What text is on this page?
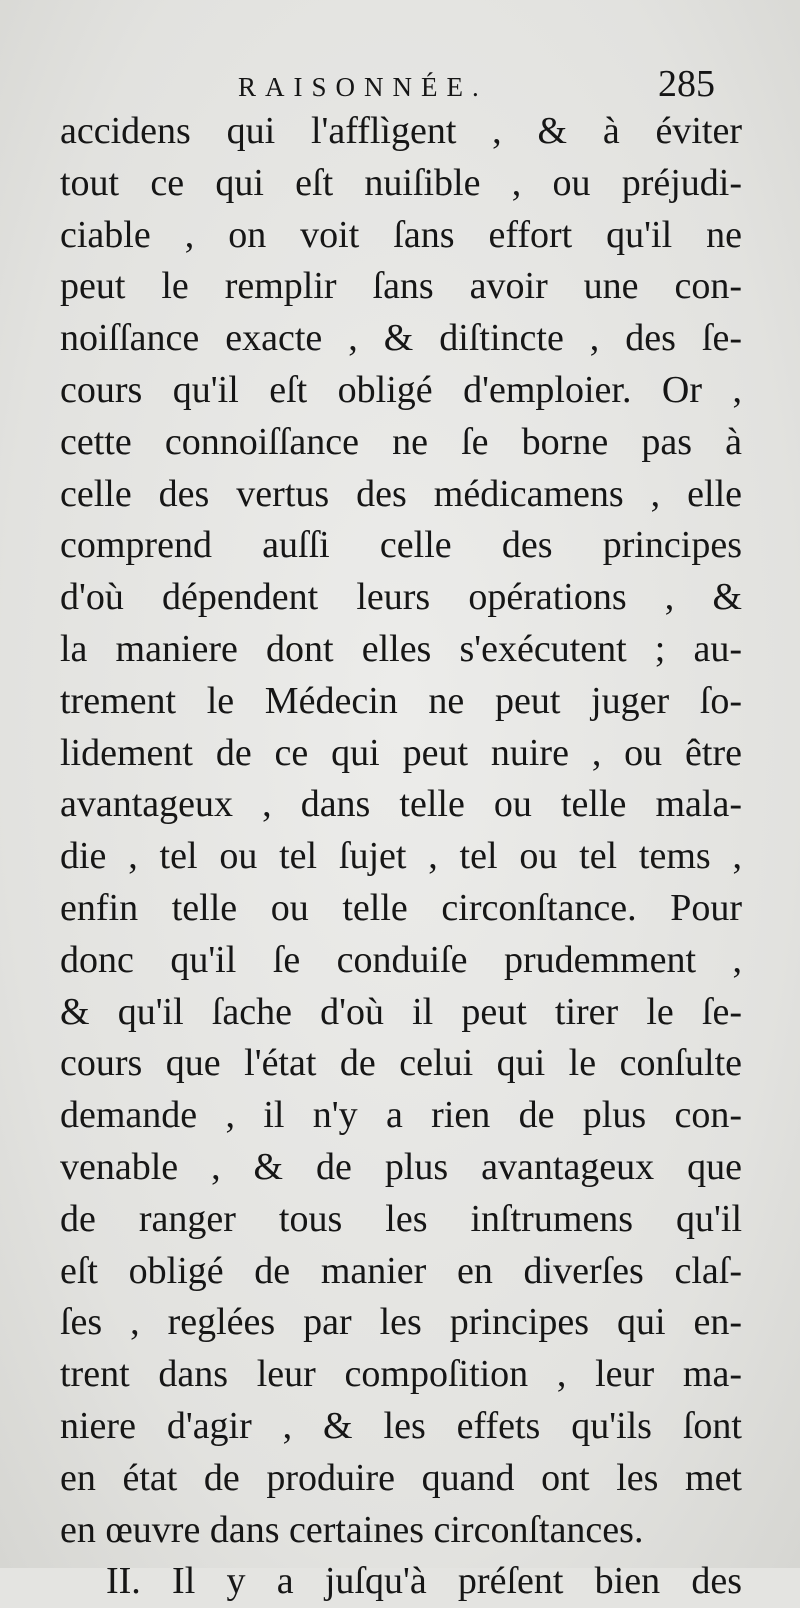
RAISONNÉE.	285
accidens qui l'afflìgent , & à éviter
tout ce qui eſt nuiſible , ou préjudi-
ciable , on voit ſans effort qu'il ne
peut le remplir ſans avoir une con-
noiſſance exacte , & diſtincte , des ſe-
cours qu'il eſt obligé d'emploier. Or ,
cette connoiſſance ne ſe borne pas à
celle des vertus des médicamens , elle
comprend auſſi celle des principes
d'où dépendent leurs opérations , &
la maniere dont elles s'exécutent ; au-
trement le Médecin ne peut juger ſo-
lidement de ce qui peut nuire , ou être
avantageux , dans telle ou telle mala-
die , tel ou tel ſujet , tel ou tel tems ,
enfin telle ou telle circonſtance. Pour
donc qu'il ſe conduiſe prudemment ,
& qu'il ſache d'où il peut tirer le ſe-
cours que l'état de celui qui le conſulte
demande , il n'y a rien de plus con-
venable , & de plus avantageux que
de ranger tous les inſtrumens qu'il
eſt obligé de manier en diverſes claſ-
ſes , reglées par les principes qui en-
trent dans leur compoſition , leur ma-
niere d'agir , & les effets qu'ils ſont
en état de produire quand ont les met
en œuvre dans certaines circonſtances.
II. Il y a juſqu'à préſent bien des
